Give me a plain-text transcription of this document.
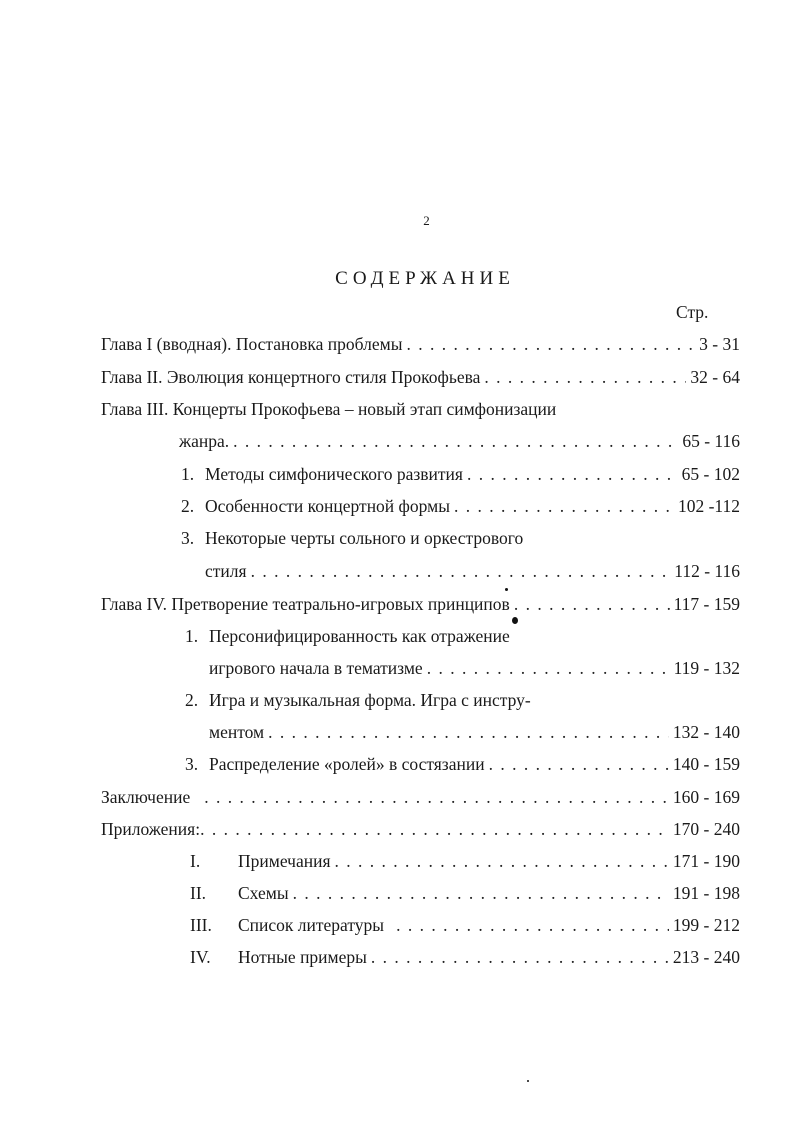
2
СОДЕРЖАНИЕ
Стр.
Глава I (вводная). Постановка проблемы . . .	3 - 31
Глава II. Эволюция концертного стиля Прокофьева . . .	32 - 64
Глава III. Концерты Прокофьева – новый этап симфонизации
жанра. . . .	65 - 116
1. Методы симфонического развития . . .	65 - 102
2. Особенности концертной формы . . .	102 -112
3. Некоторые черты сольного и оркестрового
стиля . . .	112 - 116
Глава IV. Претворение театрально-игровых принципов . . .	117 - 159
1. Персонифицированность как отражение
игрового начала в тематизме . . .	119 - 132
2. Игра и музыкальная форма. Игра с инстру-
ментом . . .	132 - 140
3. Распределение «ролей» в состязании . . .	140 - 159
Заключение . . .	160 - 169
Приложения: . . .	170 - 240
I.	Примечания . . .	171 - 190
II.	Схемы . . .	191 - 198
III.	Список литературы . . .	199 - 212
IV.	Нотные примеры . . .	213 - 240
